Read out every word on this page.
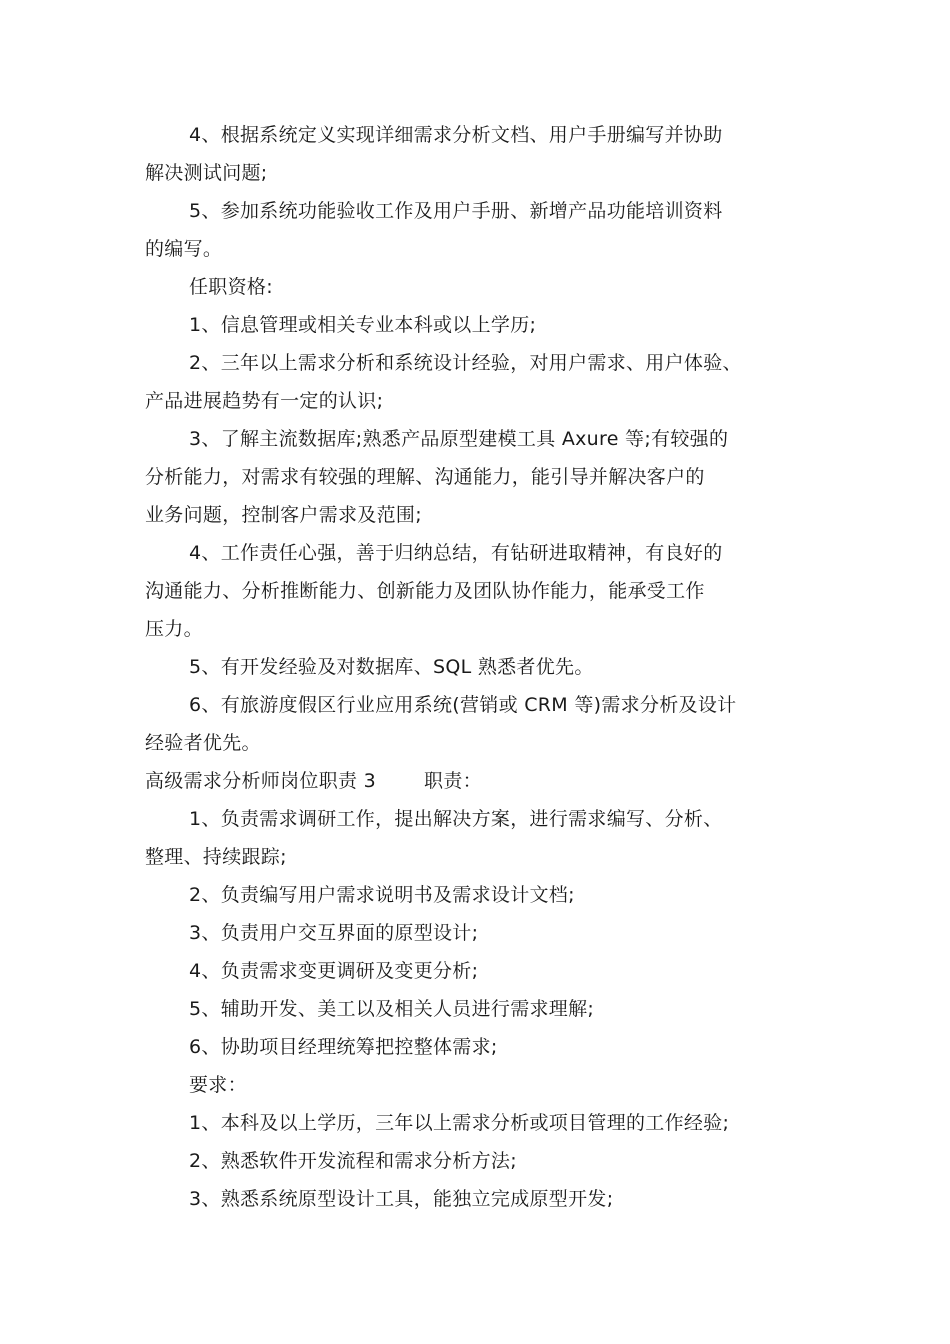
4、根据系统定义实现详细需求分析文档、用户手册编写并协助
解决测试问题;
5、参加系统功能验收工作及用户手册、新增产品功能培训资料
的编写。
任职资格:
1、信息管理或相关专业本科或以上学历;
2、三年以上需求分析和系统设计经验，对用户需求、用户体验、
产品进展趋势有一定的认识;
3、了解主流数据库;熟悉产品原型建模工具 Axure 等;有较强的
分析能力，对需求有较强的理解、沟通能力，能引导并解决客户的
业务问题，控制客户需求及范围;
4、工作责任心强，善于归纳总结，有钻研进取精神，有良好的
沟通能力、分析推断能力、创新能力及团队协作能力，能承受工作
压力。
5、有开发经验及对数据库、SQL 熟悉者优先。
6、有旅游度假区行业应用系统(营销或 CRM 等)需求分析及设计
经验者优先。
高级需求分析师岗位职责 3	职责：
1、负责需求调研工作，提出解决方案，进行需求编写、分析、
整理、持续跟踪;
2、负责编写用户需求说明书及需求设计文档;
3、负责用户交互界面的原型设计;
4、负责需求变更调研及变更分析;
5、辅助开发、美工以及相关人员进行需求理解;
6、协助项目经理统筹把控整体需求;
要求：
1、本科及以上学历，三年以上需求分析或项目管理的工作经验;
2、熟悉软件开发流程和需求分析方法;
3、熟悉系统原型设计工具，能独立完成原型开发;
